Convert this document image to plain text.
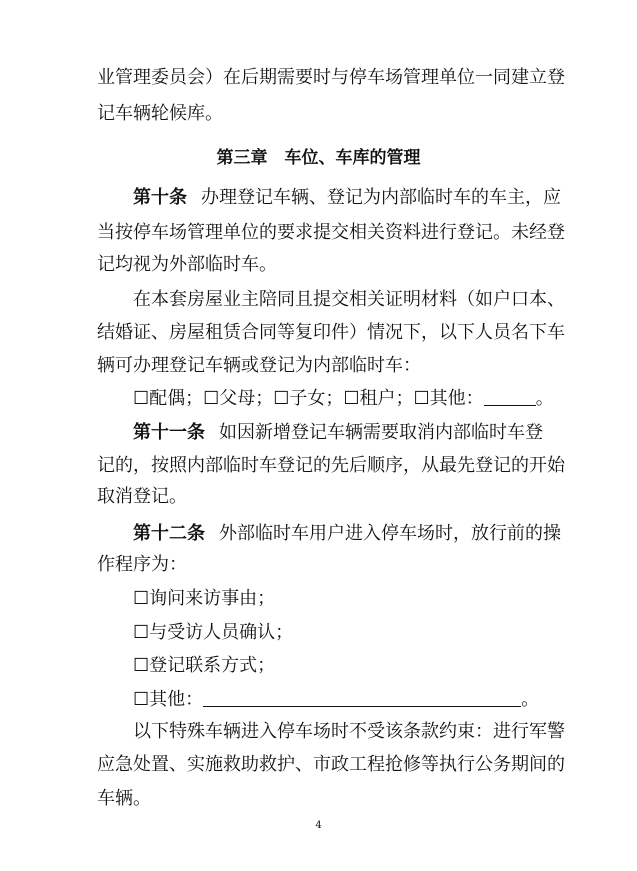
业管理委员会）在后期需要时与停车场管理单位一同建立登
记车辆轮候库。
第三章　车位、车库的管理
第十条 办理登记车辆、登记为内部临时车的车主，应
当按停车场管理单位的要求提交相关资料进行登记。未经登
记均视为外部临时车。
在本套房屋业主陪同且提交相关证明材料（如户口本、
结婚证、房屋租赁合同等复印件）情况下，以下人员名下车
辆可办理登记车辆或登记为内部临时车：
☐配偶；☐父母；☐子女；☐租户；☐其他：	。
第十一条 如因新增登记车辆需要取消内部临时车登
记的，按照内部临时车登记的先后顺序，从最先登记的开始
取消登记。
第十二条 外部临时车用户进入停车场时，放行前的操
作程序为：
☐询问来访事由；
☐与受访人员确认；
☐登记联系方式；
☐其他：	。
以下特殊车辆进入停车场时不受该条款约束：进行军警
应急处置、实施救助救护、市政工程抢修等执行公务期间的
车辆。
4
